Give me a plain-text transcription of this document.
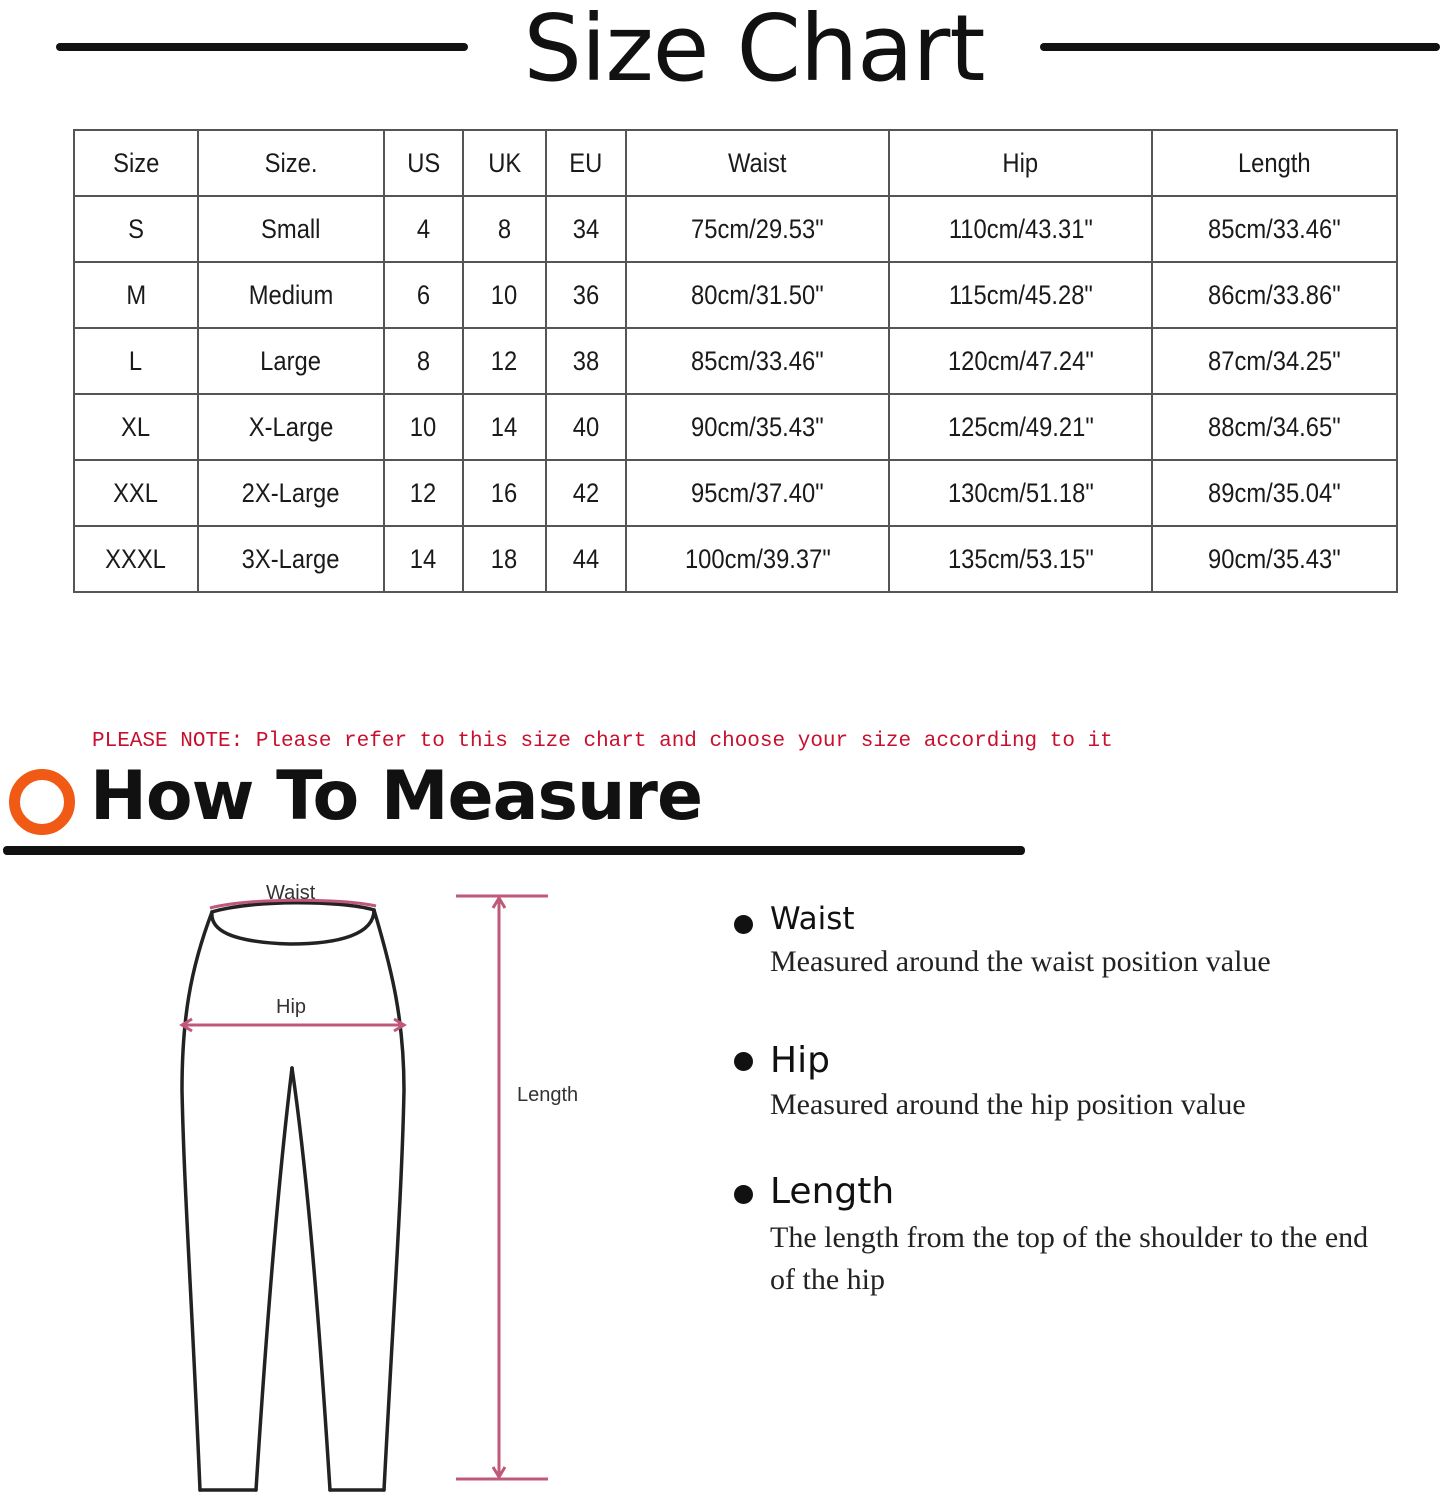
Size Chart
Size	Size.	US	UK	EU	Waist	Hip	Length
S	Small	4	8	34	75cm/29.53"	110cm/43.31"	85cm/33.46"
M	Medium	6	10	36	80cm/31.50"	115cm/45.28"	86cm/33.86"
L	Large	8	12	38	85cm/33.46"	120cm/47.24"	87cm/34.25"
XL	X-Large	10	14	40	90cm/35.43"	125cm/49.21"	88cm/34.65"
XXL	2X-Large	12	16	42	95cm/37.40"	130cm/51.18"	89cm/35.04"
XXXL	3X-Large	14	18	44	100cm/39.37"	135cm/53.15"	90cm/35.43"
PLEASE NOTE: Please refer to this size chart and choose your size according to it
How To Measure
Waist
Hip
Length
Waist
Measured around the waist position value
Hip
Measured around the hip position value
Length
The length from the top of the shoulder to the end of the hip
